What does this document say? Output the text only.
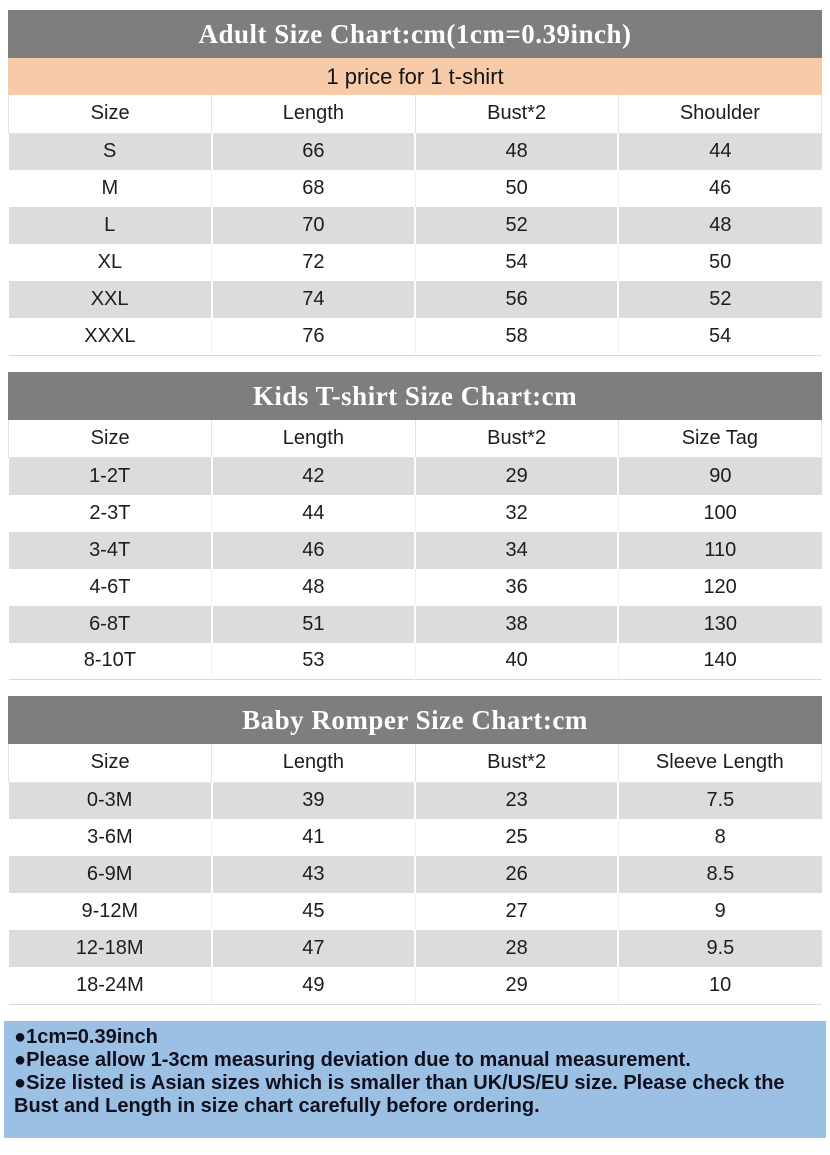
Adult Size Chart:cm(1cm=0.39inch)
1 price for 1 t-shirt
Size	Length	Bust*2	Shoulder
S	66	48	44
M	68	50	46
L	70	52	48
XL	72	54	50
XXL	74	56	52
XXXL	76	58	54
Kids T-shirt Size Chart:cm
Size	Length	Bust*2	Size Tag
1-2T	42	29	90
2-3T	44	32	100
3-4T	46	34	110
4-6T	48	36	120
6-8T	51	38	130
8-10T	53	40	140
Baby Romper Size Chart:cm
Size	Length	Bust*2	Sleeve Length
0-3M	39	23	7.5
3-6M	41	25	8
6-9M	43	26	8.5
9-12M	45	27	9
12-18M	47	28	9.5
18-24M	49	29	10
●1cm=0.39inch
●Please allow 1-3cm measuring deviation due to manual measurement.
●Size listed is Asian sizes which is smaller than UK/US/EU size. Please check the Bust and Length in size chart carefully before ordering.
